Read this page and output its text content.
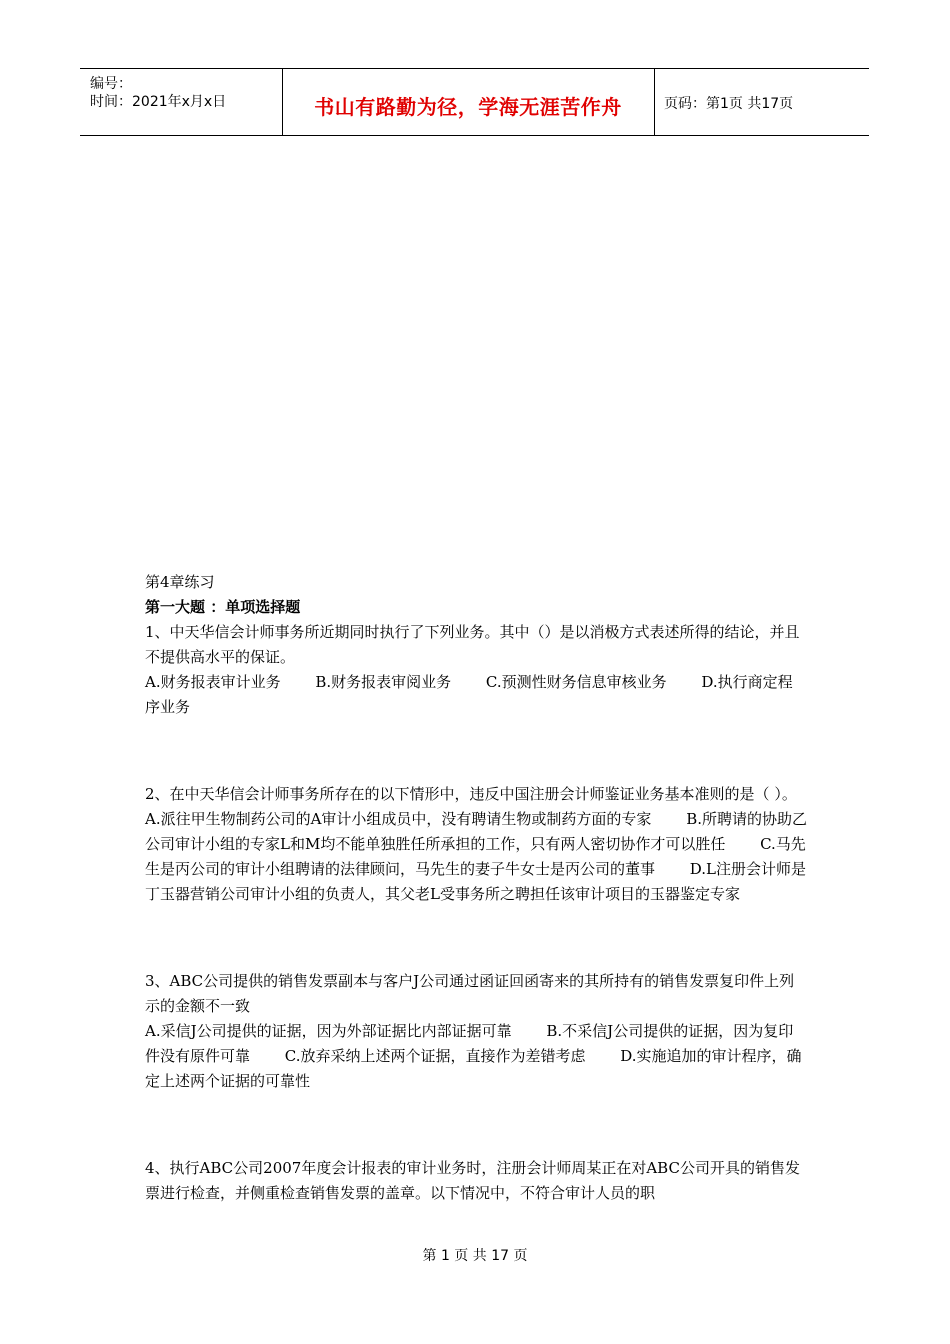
编号：
时间：2021年x月x日	书山有路勤为径，学海无涯苦作舟	页码：第1页 共17页

第4章练习

第一大题 ：单项选择题

1、中天华信会计师事务所近期同时执行了下列业务。其中（）是以消极方式表述所得的结论，并且不提供高水平的保证。

A.财务报表审计业务　　 B.财务报表审阅业务　　 C.预测性财务信息审核业务　　 D.执行商定程序业务

2、在中天华信会计师事务所存在的以下情形中，违反中国注册会计师鉴证业务基本准则的是（ ）。

A.派往甲生物制药公司的A审计小组成员中，没有聘请生物或制药方面的专家　　 B.所聘请的协助乙公司审计小组的专家L和M均不能单独胜任所承担的工作，只有两人密切协作才可以胜任　　 C.马先生是丙公司的审计小组聘请的法律顾问，马先生的妻子牛女士是丙公司的董事　　 D.L注册会计师是丁玉器营销公司审计小组的负责人，其父老L受事务所之聘担任该审计项目的玉器鉴定专家

3、ABC公司提供的销售发票副本与客户J公司通过函证回函寄来的其所持有的销售发票复印件上列示的金额不一致

A.采信J公司提供的证据，因为外部证据比内部证据可靠　　 B.不采信J公司提供的证据，因为复印件没有原件可靠　　 C.放弃采纳上述两个证据，直接作为差错考虑　　 D.实施追加的审计程序，确定上述两个证据的可靠性

4、执行ABC公司2007年度会计报表的审计业务时，注册会计师周某正在对ABC公司开具的销售发票进行检查，并侧重检查销售发票的盖章。以下情况中，不符合审计人员的职

第 1 页 共 17 页
